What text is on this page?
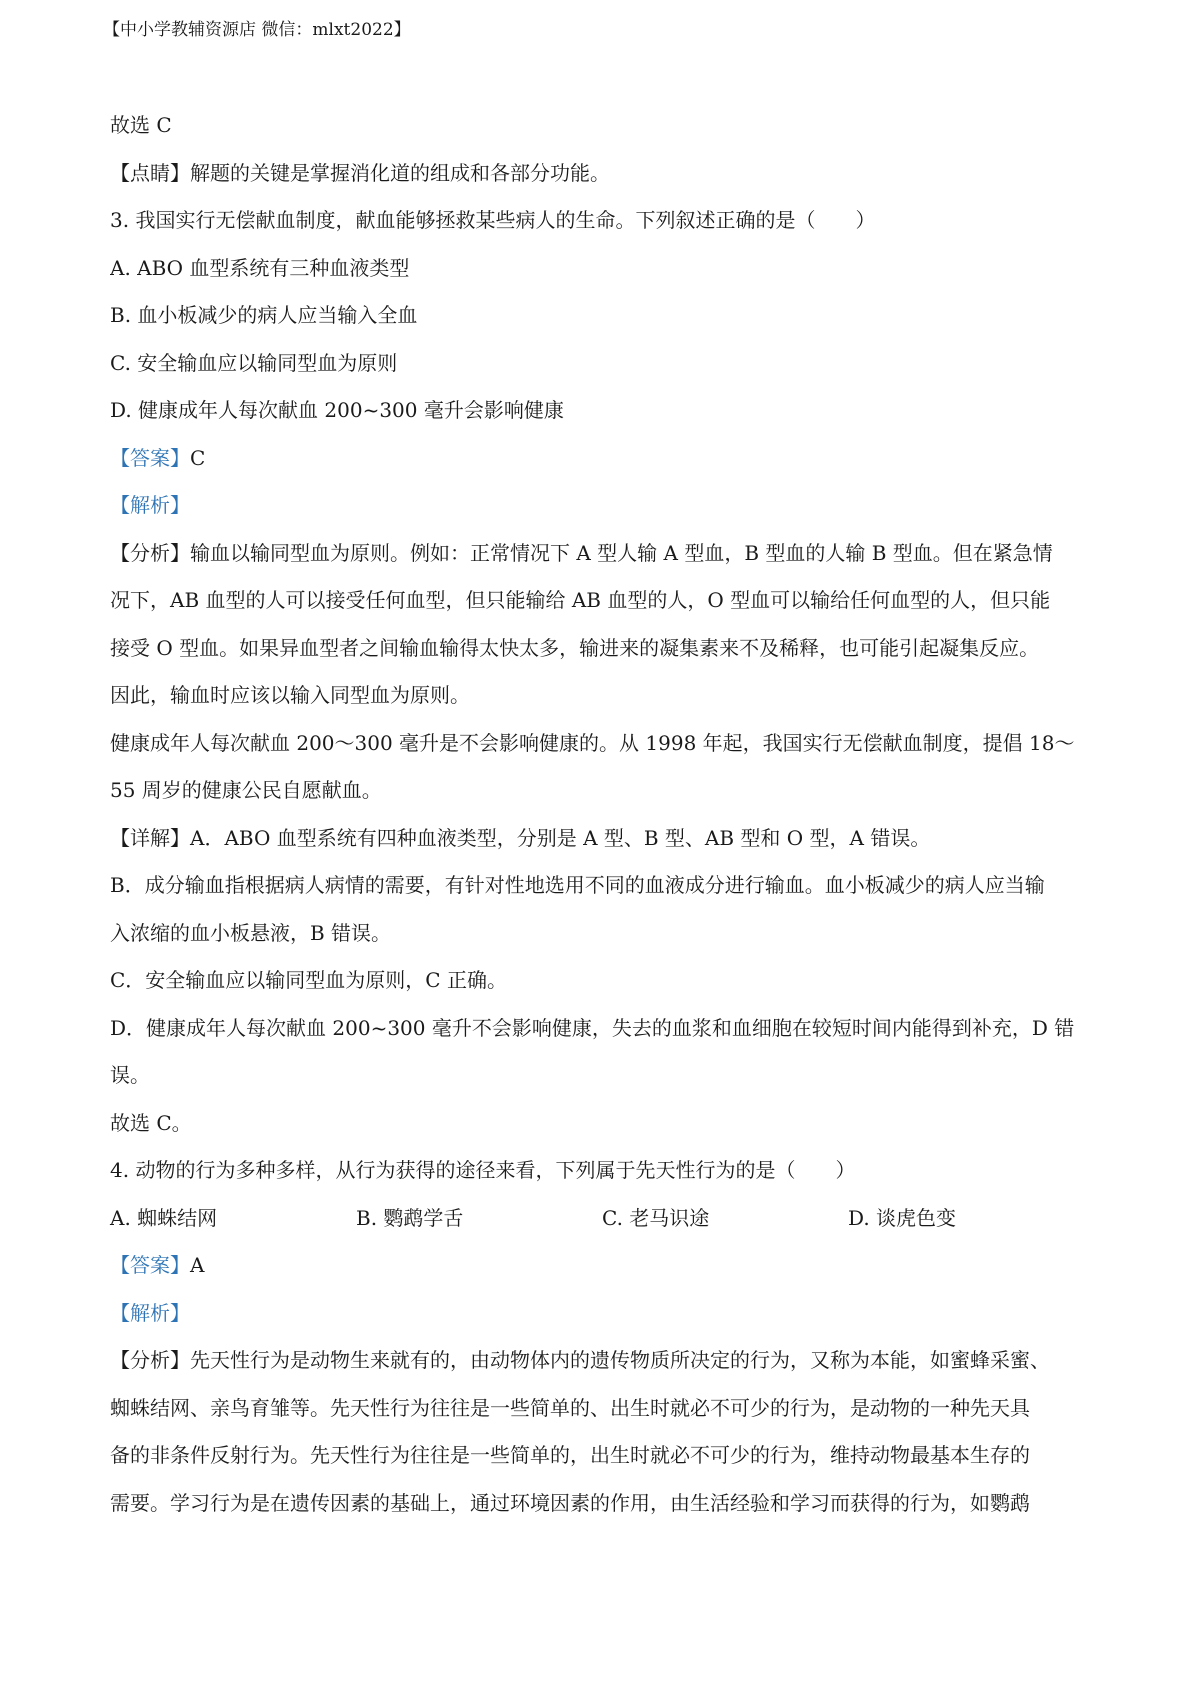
【中小学教辅资源店 微信：mlxt2022】
故选 C
【点睛】解题的关键是掌握消化道的组成和各部分功能。
3. 我国实行无偿献血制度，献血能够拯救某些病人的生命。下列叙述正确的是（　　）
A. ABO 血型系统有三种血液类型
B. 血小板减少的病人应当输入全血
C. 安全输血应以输同型血为原则
D. 健康成年人每次献血 200~300 毫升会影响健康
【答案】C
【解析】
【分析】输血以输同型血为原则。例如：正常情况下 A 型人输 A 型血，B 型血的人输 B 型血。但在紧急情
况下，AB 血型的人可以接受任何血型，但只能输给 AB 血型的人，O 型血可以输给任何血型的人，但只能
接受 O 型血。如果异血型者之间输血输得太快太多，输进来的凝集素来不及稀释，也可能引起凝集反应。
因此，输血时应该以输入同型血为原则。
健康成年人每次献血 200～300 毫升是不会影响健康的。从 1998 年起，我国实行无偿献血制度，提倡 18～
55 周岁的健康公民自愿献血。
【详解】A．ABO 血型系统有四种血液类型，分别是 A 型、B 型、AB 型和 O 型，A 错误。
B．成分输血指根据病人病情的需要，有针对性地选用不同的血液成分进行输血。血小板减少的病人应当输
入浓缩的血小板悬液，B 错误。
C．安全输血应以输同型血为原则，C 正确。
D．健康成年人每次献血 200~300 毫升不会影响健康，失去的血浆和血细胞在较短时间内能得到补充，D 错
误。
故选 C。
4. 动物的行为多种多样，从行为获得的途径来看，下列属于先天性行为的是（　　）
A. 蜘蛛结网	B. 鹦鹉学舌	C. 老马识途	D. 谈虎色变
【答案】A
【解析】
【分析】先天性行为是动物生来就有的，由动物体内的遗传物质所决定的行为，又称为本能，如蜜蜂采蜜、
蜘蛛结网、亲鸟育雏等。先天性行为往往是一些简单的、出生时就必不可少的行为，是动物的一种先天具
备的非条件反射行为。先天性行为往往是一些简单的，出生时就必不可少的行为，维持动物最基本生存的
需要。学习行为是在遗传因素的基础上，通过环境因素的作用，由生活经验和学习而获得的行为，如鹦鹉
